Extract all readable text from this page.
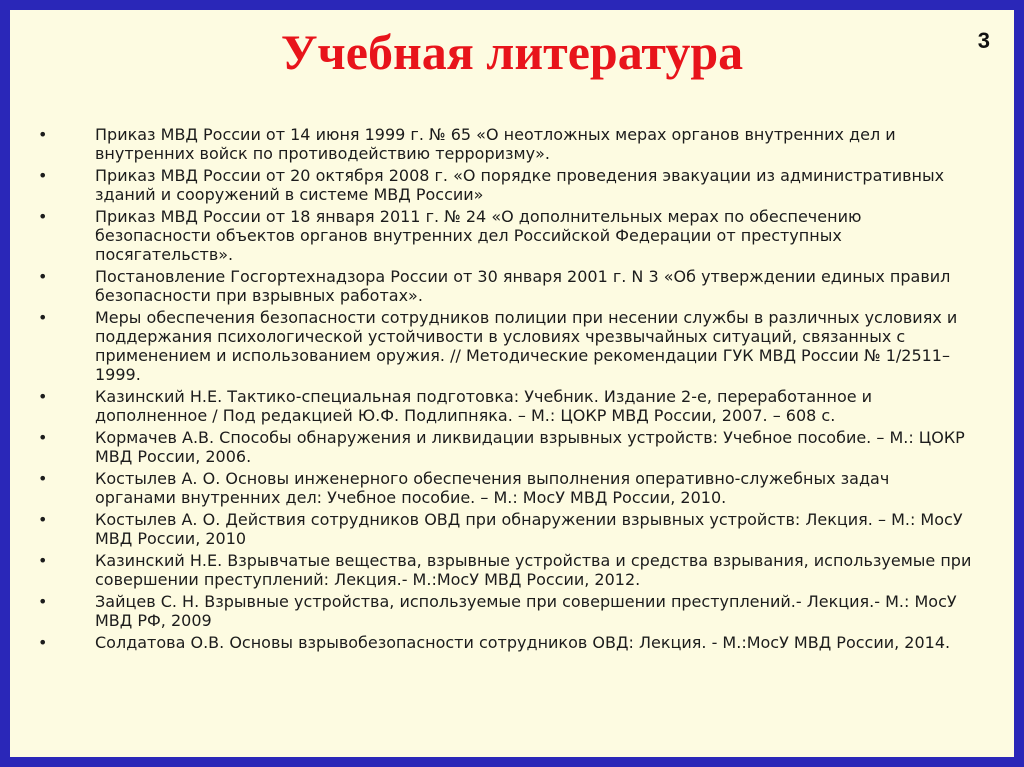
Учебная литература	3
• Приказ МВД России от 14 июня 1999 г. № 65 «О неотложных мерах органов внутренних дел и внутренних войск по противодействию терроризму».
• Приказ МВД России от 20 октября 2008 г. «О порядке проведения эвакуации из административных зданий и сооружений в системе МВД России»
• Приказ МВД России от 18 января 2011 г. № 24 «О дополнительных мерах по обеспечению безопасности объектов органов внутренних дел Российской Федерации от преступных посягательств».
• Постановление Госгортехнадзора России от 30 января 2001 г. N 3 «Об утверждении единых правил безопасности при взрывных работах».
• Меры обеспечения безопасности сотрудников полиции при несении службы в различных условиях и поддержания психологической устойчивости в условиях чрезвычайных ситуаций, связанных с применением и использованием оружия. // Методические рекомендации ГУК МВД России № 1/2511–1999.
• Казинский Н.Е. Тактико-специальная подготовка: Учебник. Издание 2-е, переработанное и дополненное / Под редакцией Ю.Ф. Подлипняка. – М.: ЦОКР МВД России, 2007. – 608 с.
• Кормачев А.В. Способы обнаружения и ликвидации взрывных устройств: Учебное пособие. – М.: ЦОКР МВД России, 2006.
• Костылев А. О. Основы инженерного обеспечения выполнения оперативно-служебных задач органами внутренних дел: Учебное пособие. – М.: МосУ МВД России, 2010.
• Костылев А. О. Действия сотрудников ОВД при обнаружении взрывных устройств: Лекция. – М.: МосУ МВД России, 2010
• Казинский Н.Е. Взрывчатые вещества, взрывные устройства и средства взрывания, используемые при совершении преступлений: Лекция.- М.:МосУ МВД России, 2012.
• Зайцев С. Н. Взрывные устройства, используемые при совершении преступлений.- Лекция.- М.: МосУ МВД РФ, 2009
• Солдатова О.В. Основы взрывобезопасности сотрудников ОВД: Лекция. - М.:МосУ МВД России, 2014.
